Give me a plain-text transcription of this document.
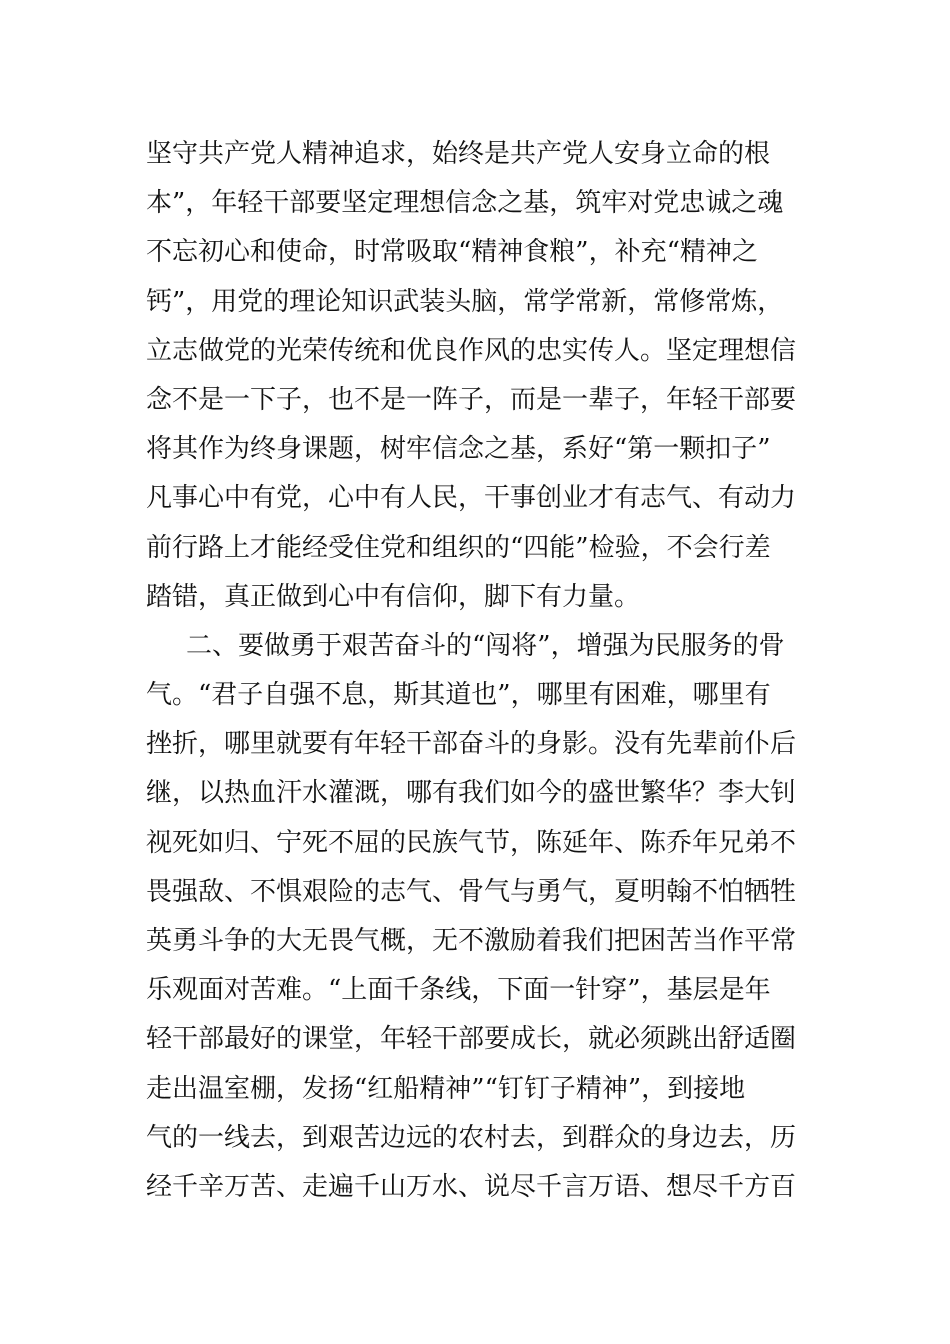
坚守共产党人精神追求，始终是共产党人安身立命的根
本”，年轻干部要坚定理想信念之基，筑牢对党忠诚之魂
不忘初心和使命，时常吸取“精神食粮”，补充“精神之
钙”，用党的理论知识武装头脑，常学常新，常修常炼，
立志做党的光荣传统和优良作风的忠实传人。坚定理想信
念不是一下子，也不是一阵子，而是一辈子，年轻干部要
将其作为终身课题，树牢信念之基，系好“第一颗扣子”
凡事心中有党，心中有人民，干事创业才有志气、有动力
前行路上才能经受住党和组织的“四能”检验，不会行差
踏错，真正做到心中有信仰，脚下有力量。
二、要做勇于艰苦奋斗的“闯将”，增强为民服务的骨
气。“君子自强不息，斯其道也”，哪里有困难，哪里有
挫折，哪里就要有年轻干部奋斗的身影。没有先辈前仆后
继，以热血汗水灌溉，哪有我们如今的盛世繁华？李大钊
视死如归、宁死不屈的民族气节，陈延年、陈乔年兄弟不
畏强敌、不惧艰险的志气、骨气与勇气，夏明翰不怕牺牲
英勇斗争的大无畏气概，无不激励着我们把困苦当作平常
乐观面对苦难。“上面千条线，下面一针穿”，基层是年
轻干部最好的课堂，年轻干部要成长，就必须跳出舒适圈
走出温室棚，发扬“红船精神”“钉钉子精神”，到接地
气的一线去，到艰苦边远的农村去，到群众的身边去，历
经千辛万苦、走遍千山万水、说尽千言万语、想尽千方百
